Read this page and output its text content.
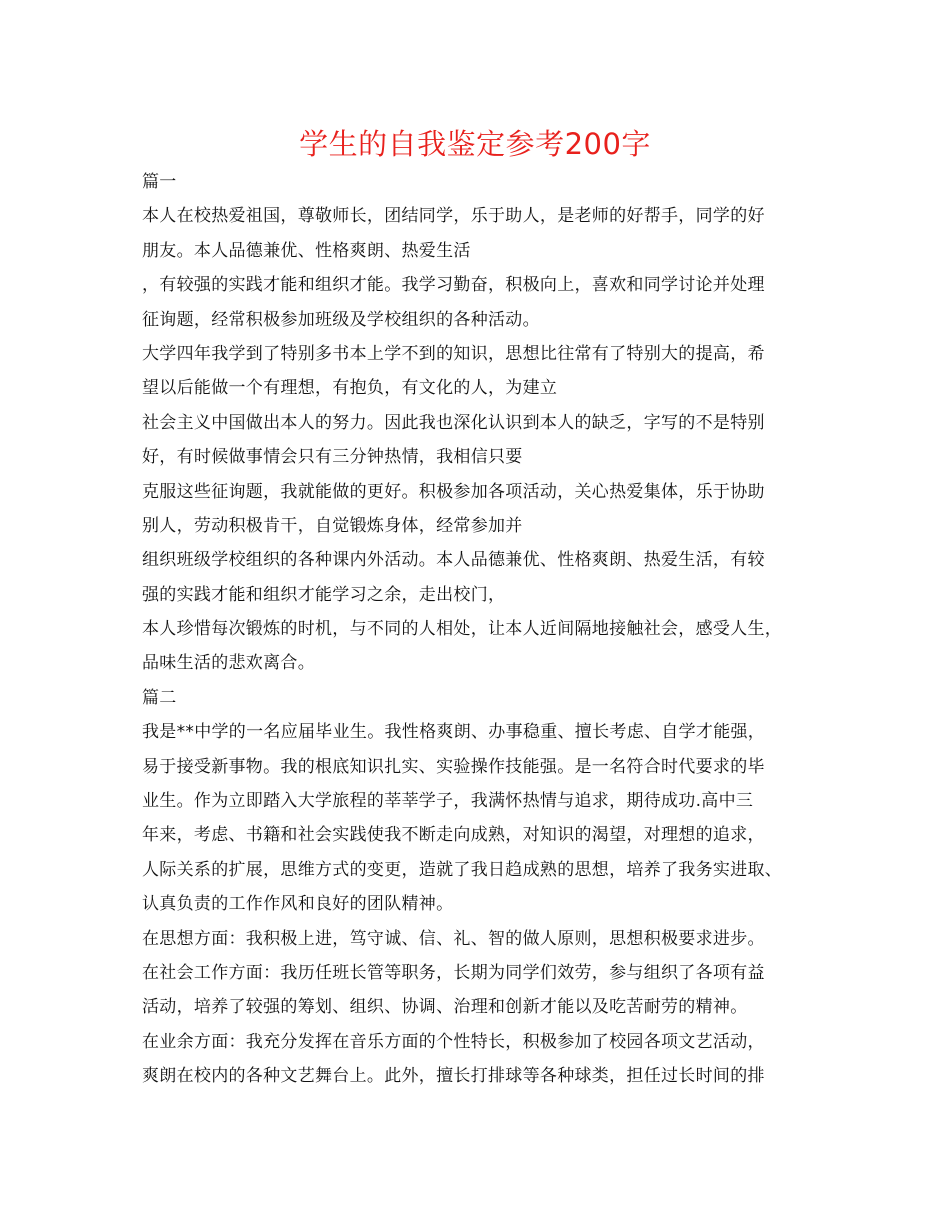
学生的自我鉴定参考200字
篇一
本人在校热爱祖国，尊敬师长，团结同学，乐于助人，是老师的好帮手，同学的好
朋友。本人品德兼优、性格爽朗、热爱生活
，有较强的实践才能和组织才能。我学习勤奋，积极向上，喜欢和同学讨论并处理
征询题，经常积极参加班级及学校组织的各种活动。
大学四年我学到了特别多书本上学不到的知识，思想比往常有了特别大的提高，希
望以后能做一个有理想，有抱负，有文化的人，为建立
社会主义中国做出本人的努力。因此我也深化认识到本人的缺乏，字写的不是特别
好，有时候做事情会只有三分钟热情，我相信只要
克服这些征询题，我就能做的更好。积极参加各项活动，关心热爱集体，乐于协助
别人，劳动积极肯干，自觉锻炼身体，经常参加并
组织班级学校组织的各种课内外活动。本人品德兼优、性格爽朗、热爱生活，有较
强的实践才能和组织才能学习之余，走出校门，
本人珍惜每次锻炼的时机，与不同的人相处，让本人近间隔地接触社会，感受人生，
品味生活的悲欢离合。
篇二
我是**中学的一名应届毕业生。我性格爽朗、办事稳重、擅长考虑、自学才能强，
易于接受新事物。我的根底知识扎实、实验操作技能强。是一名符合时代要求的毕
业生。作为立即踏入大学旅程的莘莘学子，我满怀热情与追求，期待成功.高中三
年来，考虑、书籍和社会实践使我不断走向成熟，对知识的渴望，对理想的追求，
人际关系的扩展，思维方式的变更，造就了我日趋成熟的思想，培养了我务实进取、
认真负责的工作作风和良好的团队精神。
在思想方面：我积极上进，笃守诚、信、礼、智的做人原则，思想积极要求进步。
在社会工作方面：我历任班长管等职务，长期为同学们效劳，参与组织了各项有益
活动，培养了较强的筹划、组织、协调、治理和创新才能以及吃苦耐劳的精神。
在业余方面：我充分发挥在音乐方面的个性特长，积极参加了校园各项文艺活动，
爽朗在校内的各种文艺舞台上。此外，擅长打排球等各种球类，担任过长时间的排
